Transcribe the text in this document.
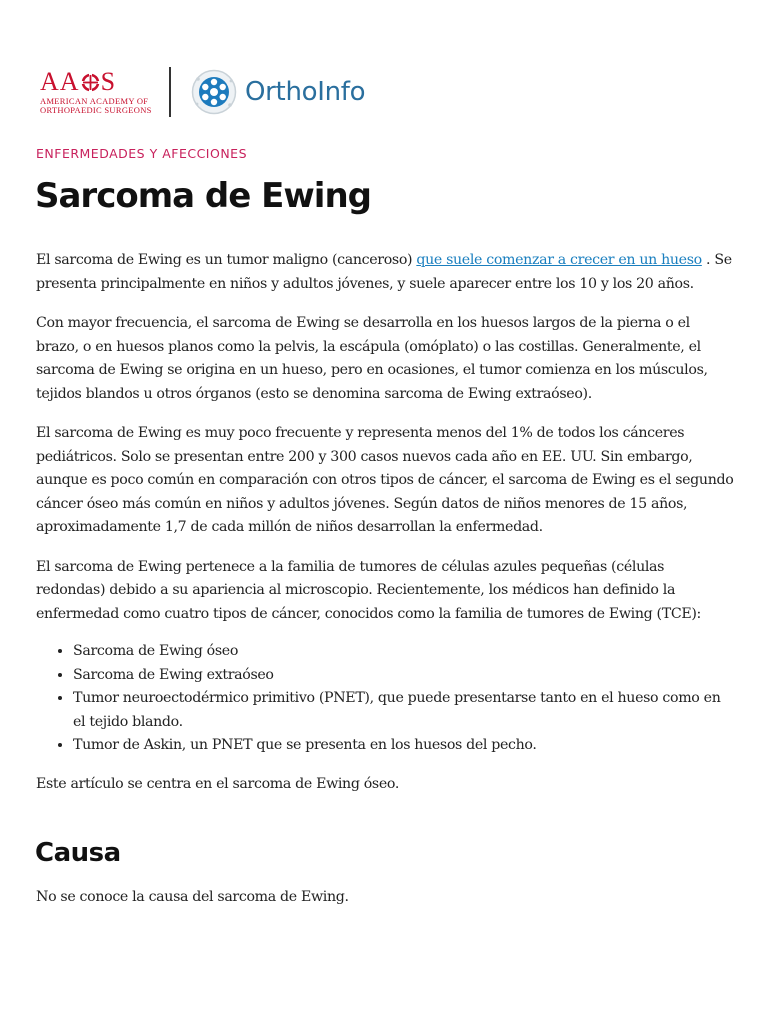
AA S
AMERICAN ACADEMY OF
ORTHOPAEDIC SURGEONS
OrthoInfo
ENFERMEDADES Y AFECCIONES
Sarcoma de Ewing

El sarcoma de Ewing es un tumor maligno (canceroso) que suele comenzar a crecer en un hueso . Se presenta principalmente en niños y adultos jóvenes, y suele aparecer entre los 10 y los 20 años.

Con mayor frecuencia, el sarcoma de Ewing se desarrolla en los huesos largos de la pierna o el brazo, o en huesos planos como la pelvis, la escápula (omóplato) o las costillas. Generalmente, el sarcoma de Ewing se origina en un hueso, pero en ocasiones, el tumor comienza en los músculos, tejidos blandos u otros órganos (esto se denomina sarcoma de Ewing extraóseo).

El sarcoma de Ewing es muy poco frecuente y representa menos del 1% de todos los cánceres pediátricos. Solo se presentan entre 200 y 300 casos nuevos cada año en EE. UU. Sin embargo, aunque es poco común en comparación con otros tipos de cáncer, el sarcoma de Ewing es el segundo cáncer óseo más común en niños y adultos jóvenes. Según datos de niños menores de 15 años, aproximadamente 1,7 de cada millón de niños desarrollan la enfermedad.

El sarcoma de Ewing pertenece a la familia de tumores de células azules pequeñas (células redondas) debido a su apariencia al microscopio. Recientemente, los médicos han definido la enfermedad como cuatro tipos de cáncer, conocidos como la familia de tumores de Ewing (TCE):

• Sarcoma de Ewing óseo
• Sarcoma de Ewing extraóseo
• Tumor neuroectodérmico primitivo (PNET), que puede presentarse tanto en el hueso como en el tejido blando.
• Tumor de Askin, un PNET que se presenta en los huesos del pecho.

Este artículo se centra en el sarcoma de Ewing óseo.

Causa

No se conoce la causa del sarcoma de Ewing.
